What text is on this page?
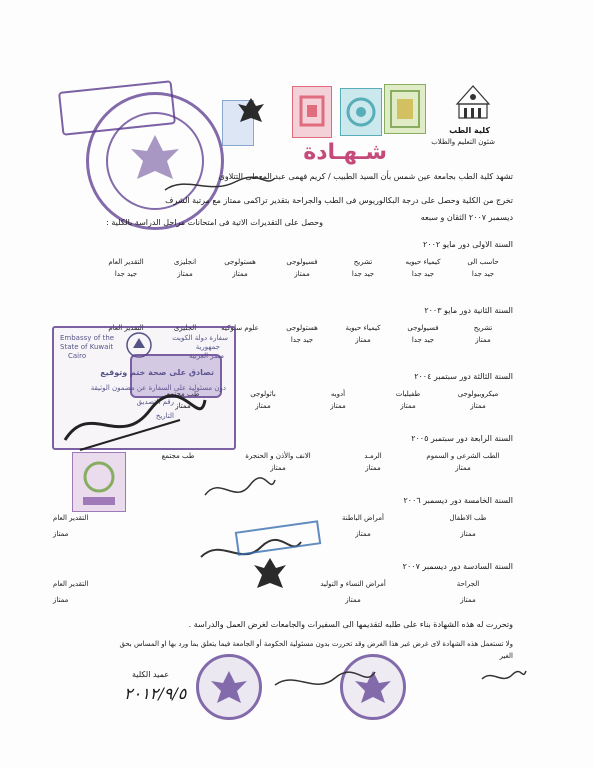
كلية الطب
شئون التعليم والطلاب
شـهـادة
تشهد كلية الطب بجامعة عين شمس بأن السيد الطبيب / كريم فهمى عبد المعطى التتلاوى
تخرج من الكلية وحصل على درجة البكالوريوس فى الطب والجراحة بتقدير تراكمى ممتاز مع مرتبة الشرف
ديسمبر ٢٠٠٧ الثقان و سبعه
وحصل على التقديرات الاتية فى امتحانات مراحل الدراسة بالكلية :
السنة الاولى دور مايو ٢٠٠٢
حاسب الى
كيمياء حيويه
تشريح
فسيولوجى
هستولوجى
انجليزى
التقدير العام
جيد جدا
جيد جدا
جيد جدا
ممتاز
ممتاز
ممتاز
جيد جدا
السنة الثانية دور مايو ٢٠٠٣
تشريح
فسيولوجى
كيمياء حيوية
هستولوجى
علوم سلوكيه
الجليزى
التقدير العام
ممتاز
جيد جدا
ممتاز
جيد جدا
السنة الثالثة دور سبتمبر ٢٠٠٤
ميكروبيولوجى
طفيليات
أدويه
باثولوجى
طب مجتمع
ممتاز
ممتاز
ممتاز
ممتاز
ممتاز
السنة الرابعة دور سبتمبر ٢٠٠٥
الطب الشرعى و السموم
الرمـد
الانف والأذن و الحنجرة
طب مجتمع
ممتاز
ممتاز
ممتاز
السنة الخامسة دور ديسمبر ٢٠٠٦
طب الاطفال
أمراض الباطنة
التقدير العام
ممتاز
ممتاز
ممتاز
السنة السادسة دور ديسمبر ٢٠٠٧
الجراحة
أمراض النساء و التوليد
التقدير العام
ممتاز
ممتاز
ممتاز
Embassy of the
State of Kuwait
Cairo
سفارة دولة الكويت
جمهورية
مصر العربية
تصادق على صحة ختم وتوقيع
دون مسئولية على السفارة عن مضمون الوثيقة
رقم التصديق
التاريخ
وتحررت له هذه الشهادة بناء على طلبه لتقديمها الى السفيرات والجامعات لغرض العمل والدراسة .
ولا تستعمل هذه الشهادة لاى غرض غير هذا الغرض وقد تحررت بدون مسئولية الحكومة أو الجامعة فيما يتعلق بما ورد بها او المساس بحق
الغير
عميد الكلية
٢٠١٢/٩/٥
